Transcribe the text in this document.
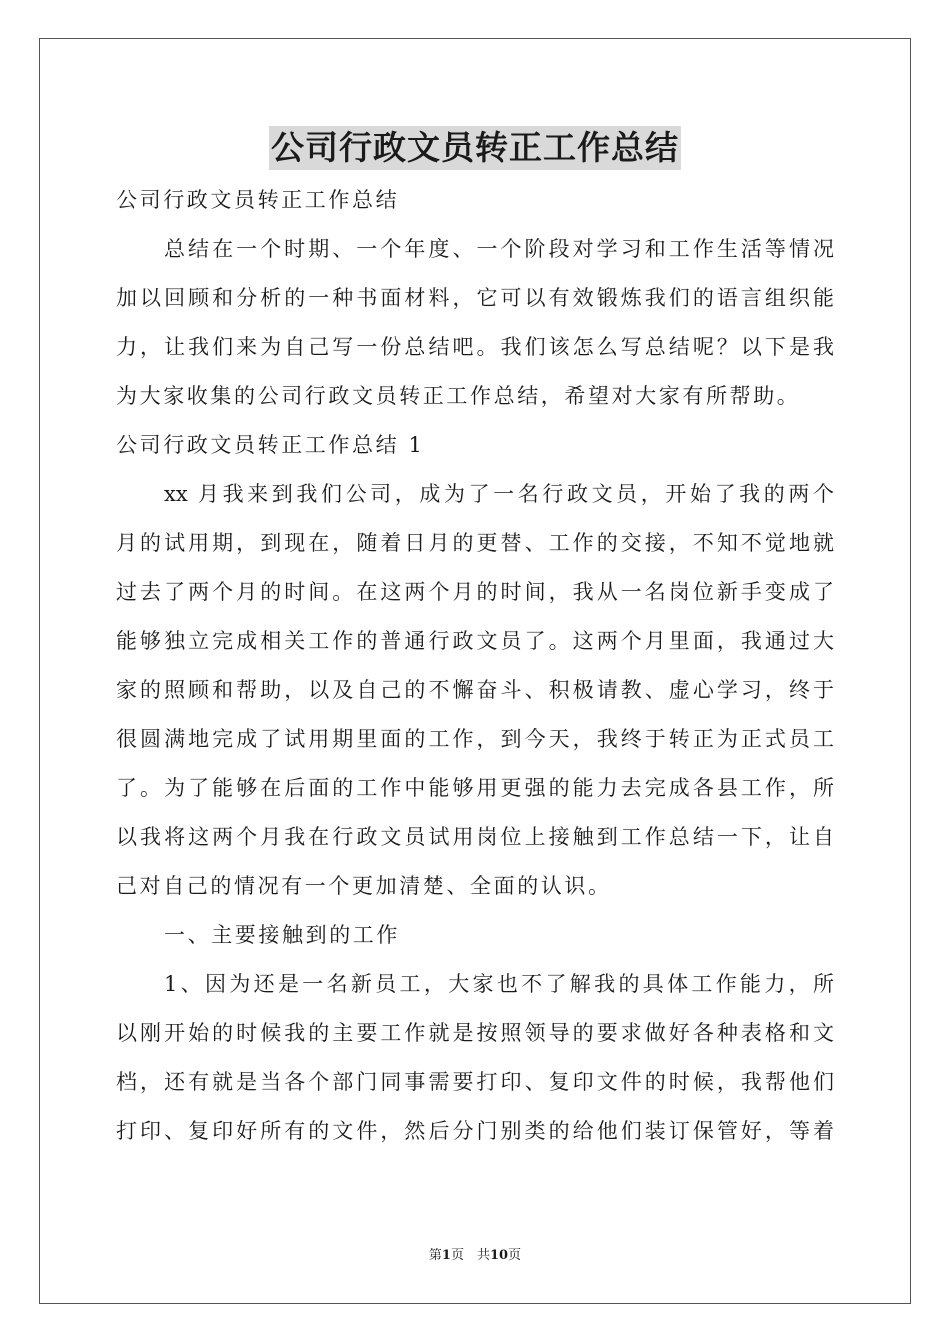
公司行政文员转正工作总结
公司行政文员转正工作总结
总结在一个时期、一个年度、一个阶段对学习和工作生活等情况
加以回顾和分析的一种书面材料，它可以有效锻炼我们的语言组织能
力，让我们来为自己写一份总结吧。我们该怎么写总结呢？以下是我
为大家收集的公司行政文员转正工作总结，希望对大家有所帮助。
公司行政文员转正工作总结 1
xx 月我来到我们公司，成为了一名行政文员，开始了我的两个
月的试用期，到现在，随着日月的更替、工作的交接，不知不觉地就
过去了两个月的时间。在这两个月的时间，我从一名岗位新手变成了
能够独立完成相关工作的普通行政文员了。这两个月里面，我通过大
家的照顾和帮助，以及自己的不懈奋斗、积极请教、虚心学习，终于
很圆满地完成了试用期里面的工作，到今天，我终于转正为正式员工
了。为了能够在后面的工作中能够用更强的能力去完成各县工作，所
以我将这两个月我在行政文员试用岗位上接触到工作总结一下，让自
己对自己的情况有一个更加清楚、全面的认识。
一、主要接触到的工作
1、因为还是一名新员工，大家也不了解我的具体工作能力，所
以刚开始的时候我的主要工作就是按照领导的要求做好各种表格和文
档，还有就是当各个部门同事需要打印、复印文件的时候，我帮他们
打印、复印好所有的文件，然后分门别类的给他们装订保管好，等着
第1页　共10页
